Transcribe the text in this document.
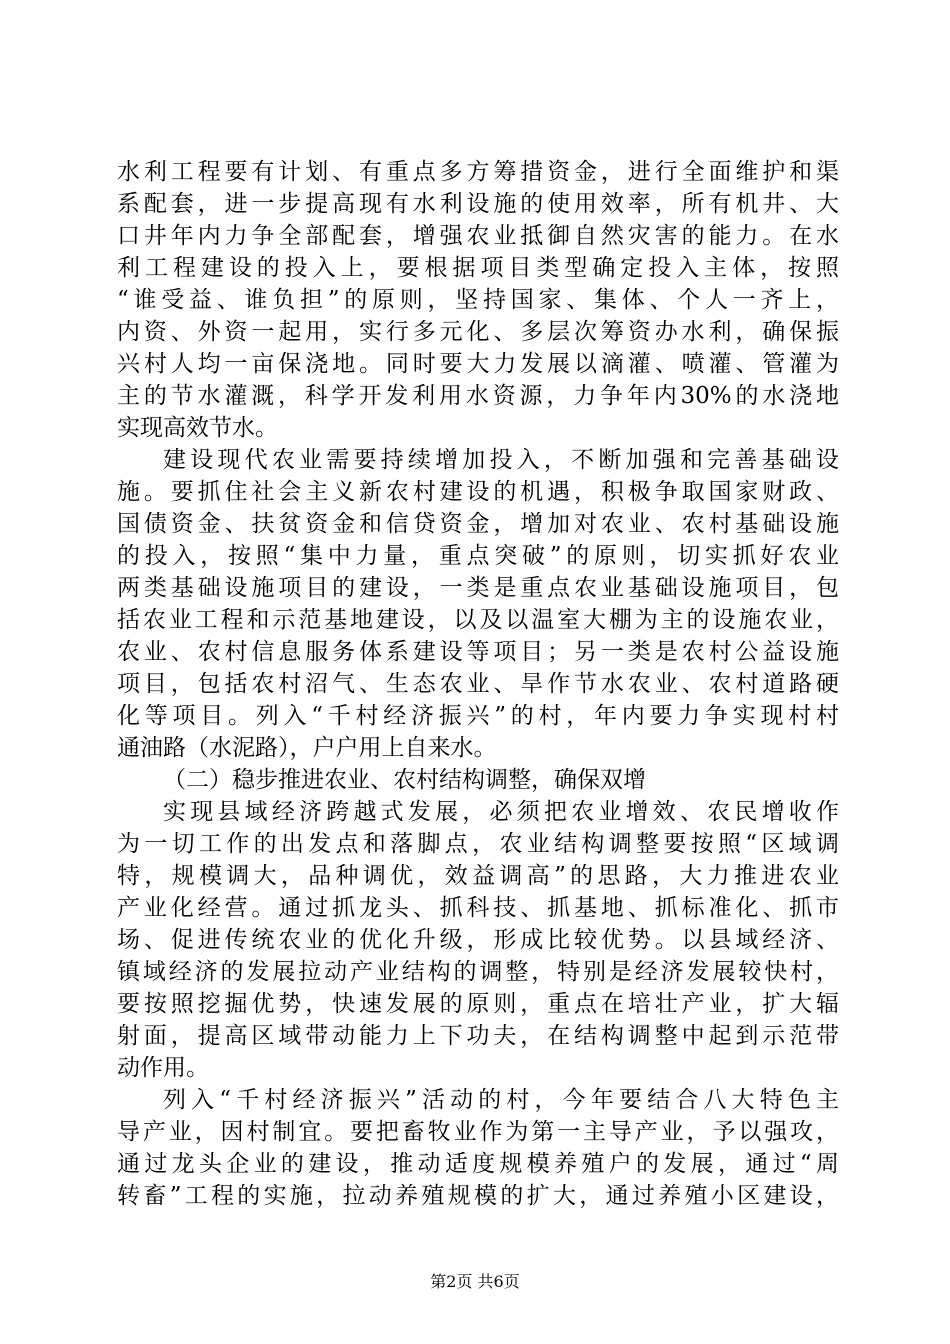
水利工程要有计划、有重点多方筹措资金，进行全面维护和渠
系配套，进一步提高现有水利设施的使用效率，所有机井、大
口井年内力争全部配套，增强农业抵御自然灾害的能力。在水
利工程建设的投入上，要根据项目类型确定投入主体，按照
“谁受益、谁负担”的原则，坚持国家、集体、个人一齐上，
内资、外资一起用，实行多元化、多层次筹资办水利，确保振
兴村人均一亩保浇地。同时要大力发展以滴灌、喷灌、管灌为
主的节水灌溉，科学开发利用水资源，力争年内30%的水浇地
实现高效节水。
建设现代农业需要持续增加投入，不断加强和完善基础设
施。要抓住社会主义新农村建设的机遇，积极争取国家财政、
国债资金、扶贫资金和信贷资金，增加对农业、农村基础设施
的投入，按照“集中力量，重点突破”的原则，切实抓好农业
两类基础设施项目的建设，一类是重点农业基础设施项目，包
括农业工程和示范基地建设，以及以温室大棚为主的设施农业，
农业、农村信息服务体系建设等项目；另一类是农村公益设施
项目，包括农村沼气、生态农业、旱作节水农业、农村道路硬
化等项目。列入“千村经济振兴”的村，年内要力争实现村村
通油路（水泥路），户户用上自来水。
（二）稳步推进农业、农村结构调整，确保双增
实现县域经济跨越式发展，必须把农业增效、农民增收作
为一切工作的出发点和落脚点，农业结构调整要按照“区域调
特，规模调大，品种调优，效益调高”的思路，大力推进农业
产业化经营。通过抓龙头、抓科技、抓基地、抓标准化、抓市
场、促进传统农业的优化升级，形成比较优势。以县域经济、
镇域经济的发展拉动产业结构的调整，特别是经济发展较快村，
要按照挖掘优势，快速发展的原则，重点在培壮产业，扩大辐
射面，提高区域带动能力上下功夫，在结构调整中起到示范带
动作用。
列入“千村经济振兴”活动的村，今年要结合八大特色主
导产业，因村制宜。要把畜牧业作为第一主导产业，予以强攻，
通过龙头企业的建设，推动适度规模养殖户的发展，通过“周
转畜”工程的实施，拉动养殖规模的扩大，通过养殖小区建设，
第2页 共6页
